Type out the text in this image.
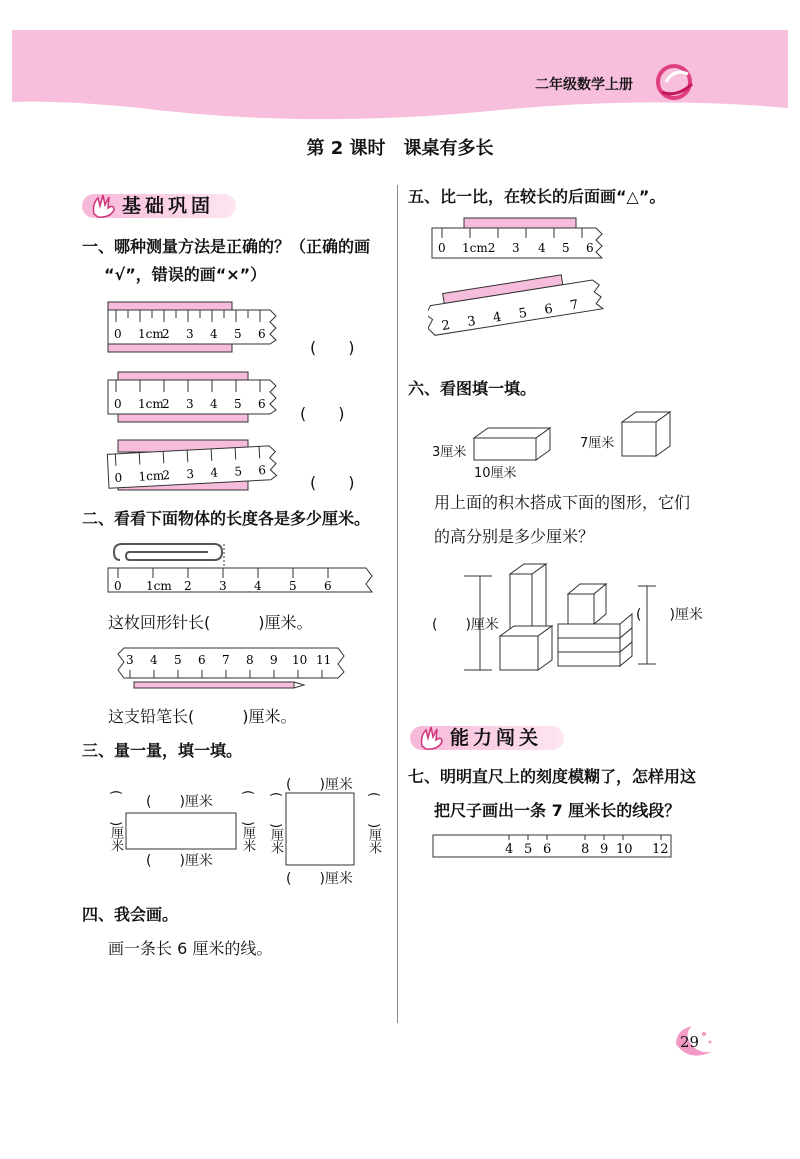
二年级数学上册
第 2 课时　课桌有多长
基础巩固
一、哪种测量方法是正确的？（正确的画
“√”，错误的画“×”）
0 1cm
2 3 4 5 6
0 1cm
2 3 4 5 6
0 1cm
2 3 4 5 6
(　　)
(　　)
(　　)
二、看看下面物体的长度各是多少厘米。
0 1cm 2 3 4 5 6
这枚回形针长(　　　)厘米。
3 4 5 6 7 8 9 10 11
这支铅笔长(　　　)厘米。
三、量一量，填一填。
(　　)厘米
(　　)厘米
(　　)厘米	(　　)厘米
(　　)厘米
(　　)厘米
(　　)厘米	(　　)厘米
四、我会画。
画一条长 6 厘米的线。
五、比一比，在较长的后面画“△”。
0 1cm2 3 4 5 6
2 3 4 5 6 7
六、看图填一填。
3厘米
10厘米
7厘米
用上面的积木搭成下面的图形，它们
的高分别是多少厘米？
(　　)厘米
(　　)厘米
能力闯关
七、明明直尺上的刻度模糊了，怎样用这
把尺子画出一条 7 厘米长的线段？
4 5 6 8 9 10 12
29
